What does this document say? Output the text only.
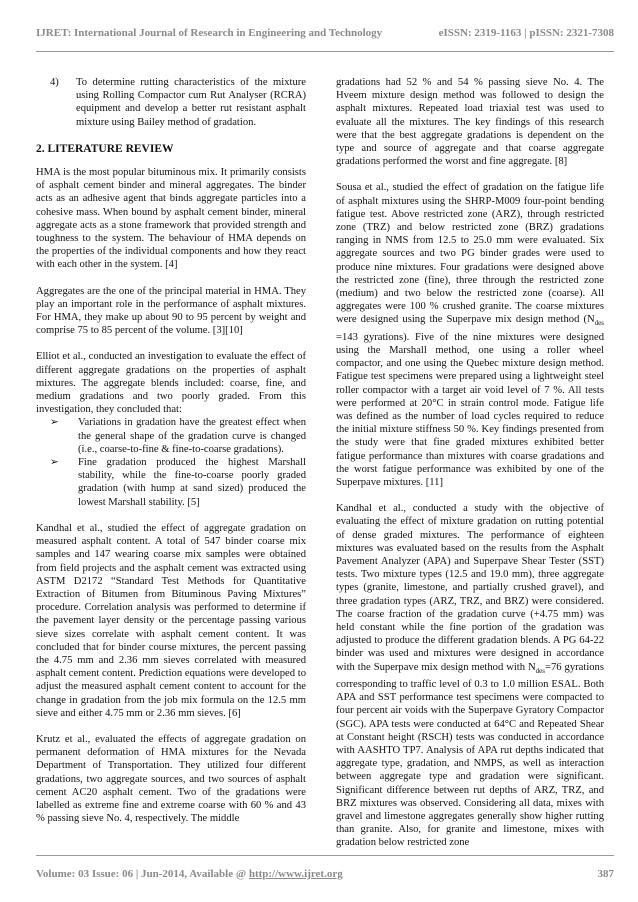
IJRET: International Journal of Research in Engineering and Technology	eISSN: 2319-1163 | pISSN: 2321-7308
4)	To determine rutting characteristics of the mixture using Rolling Compactor cum Rut Analyser (RCRA) equipment and develop a better rut resistant asphalt mixture using Bailey method of gradation.
2. LITERATURE REVIEW

HMA is the most popular bituminous mix. It primarily consists of asphalt cement binder and mineral aggregates. The binder acts as an adhesive agent that binds aggregate particles into a cohesive mass. When bound by asphalt cement binder, mineral aggregate acts as a stone framework that provided strength and toughness to the system. The behaviour of HMA depends on the properties of the individual components and how they react with each other in the system. [4]

Aggregates are the one of the principal material in HMA. They play an important role in the performance of asphalt mixtures. For HMA, they make up about 90 to 95 percent by weight and comprise 75 to 85 percent of the volume. [3][10]

Elliot et al., conducted an investigation to evaluate the effect of different aggregate gradations on the properties of asphalt mixtures. The aggregate blends included: coarse, fine, and medium gradations and two poorly graded. From this investigation, they concluded that:

➢	Variations in gradation have the greatest effect when the general shape of the gradation curve is changed (i.e., coarse-to-fine & fine-to-coarse gradations).
➢	Fine gradation produced the highest Marshall stability, while the fine-to-coarse poorly graded gradation (with hump at sand sized) produced the lowest Marshall stability. [5]

Kandhal et al., studied the effect of aggregate gradation on measured asphalt content. A total of 547 binder coarse mix samples and 147 wearing coarse mix samples were obtained from field projects and the asphalt cement was extracted using ASTM D2172 “Standard Test Methods for Quantitative Extraction of Bitumen from Bituminous Paving Mixtures” procedure. Correlation analysis was performed to determine if the pavement layer density or the percentage passing various sieve sizes correlate with asphalt cement content. It was concluded that for binder course mixtures, the percent passing the 4.75 mm and 2.36 mm sieves correlated with measured asphalt cement content. Prediction equations were developed to adjust the measured asphalt cement content to account for the change in gradation from the job mix formula on the 12.5 mm sieve and either 4.75 mm or 2.36 mm sieves. [6]

Krutz et al., evaluated the effects of aggregate gradation on permanent deformation of HMA mixtures for the Nevada Department of Transportation. They utilized four different gradations, two aggregate sources, and two sources of asphalt cement AC20 asphalt cement. Two of the gradations were labelled as extreme fine and extreme coarse with 60 % and 43 % passing sieve No. 4, respectively. The middle

gradations had 52 % and 54 % passing sieve No. 4. The Hveem mixture design method was followed to design the asphalt mixtures. Repeated load triaxial test was used to evaluate all the mixtures. The key findings of this research were that the best aggregate gradations is dependent on the type and source of aggregate and that coarse aggregate gradations performed the worst and fine aggregate. [8]

Sousa et al., studied the effect of gradation on the fatigue life of asphalt mixtures using the SHRP-M009 four-point bending fatigue test. Above restricted zone (ARZ), through restricted zone (TRZ) and below restricted zone (BRZ) gradations ranging in NMS from 12.5 to 25.0 mm were evaluated. Six aggregate sources and two PG binder grades were used to produce nine mixtures. Four gradations were designed above the restricted zone (fine), three through the restricted zone (medium) and two below the restricted zone (coarse). All aggregates were 100 % crushed granite. The coarse mixtures were designed using the Superpave mix design method ($N_{des} =143$ gyrations). Five of the nine mixtures were designed using the Marshall method, one using a roller wheel compactor, and one using the Quebec mixture design method. Fatigue test specimens were prepared using a lightweight steel roller compactor with a target air void level of 7 %. All tests were performed at 20°C in strain control mode. Fatigue life was defined as the number of load cycles required to reduce the initial mixture stiffness 50 %. Key findings presented from the study were that fine graded mixtures exhibited better fatigue performance than mixtures with coarse gradations and the worst fatigue performance was exhibited by one of the Superpave mixtures. [11]

Kandhal et al., conducted a study with the objective of evaluating the effect of mixture gradation on rutting potential of dense graded mixtures. The performance of eighteen mixtures was evaluated based on the results from the Asphalt Pavement Analyzer (APA) and Superpave Shear Tester (SST) tests. Two mixture types (12.5 and 19.0 mm), three aggregate types (granite, limestone, and partially crushed gravel), and three gradation types (ARZ, TRZ, and BRZ) were considered. The coarse fraction of the gradation curve (+4.75 mm) was held constant while the fine portion of the gradation was adjusted to produce the different gradation blends. A PG 64-22 binder was used and mixtures were designed in accordance with the Superpave mix design method with $N_{des}=76$ gyrations corresponding to traffic level of 0.3 to 1.0 million ESAL. Both APA and SST performance test specimens were compacted to four percent air voids with the Superpave Gyratory Compactor (SGC). APA tests were conducted at 64°C and Repeated Shear at Constant height (RSCH) tests was conducted in accordance with AASHTO TP7. Analysis of APA rut depths indicated that aggregate type, gradation, and NMPS, as well as interaction between aggregate type and gradation were significant. Significant difference between rut depths of ARZ, TRZ, and BRZ mixtures was observed. Considering all data, mixes with gravel and limestone aggregates generally show higher rutting than granite. Also, for granite and limestone, mixes with gradation below restricted zone

Volume: 03 Issue: 06 | Jun-2014, Available @ http://www.ijret.org	387
